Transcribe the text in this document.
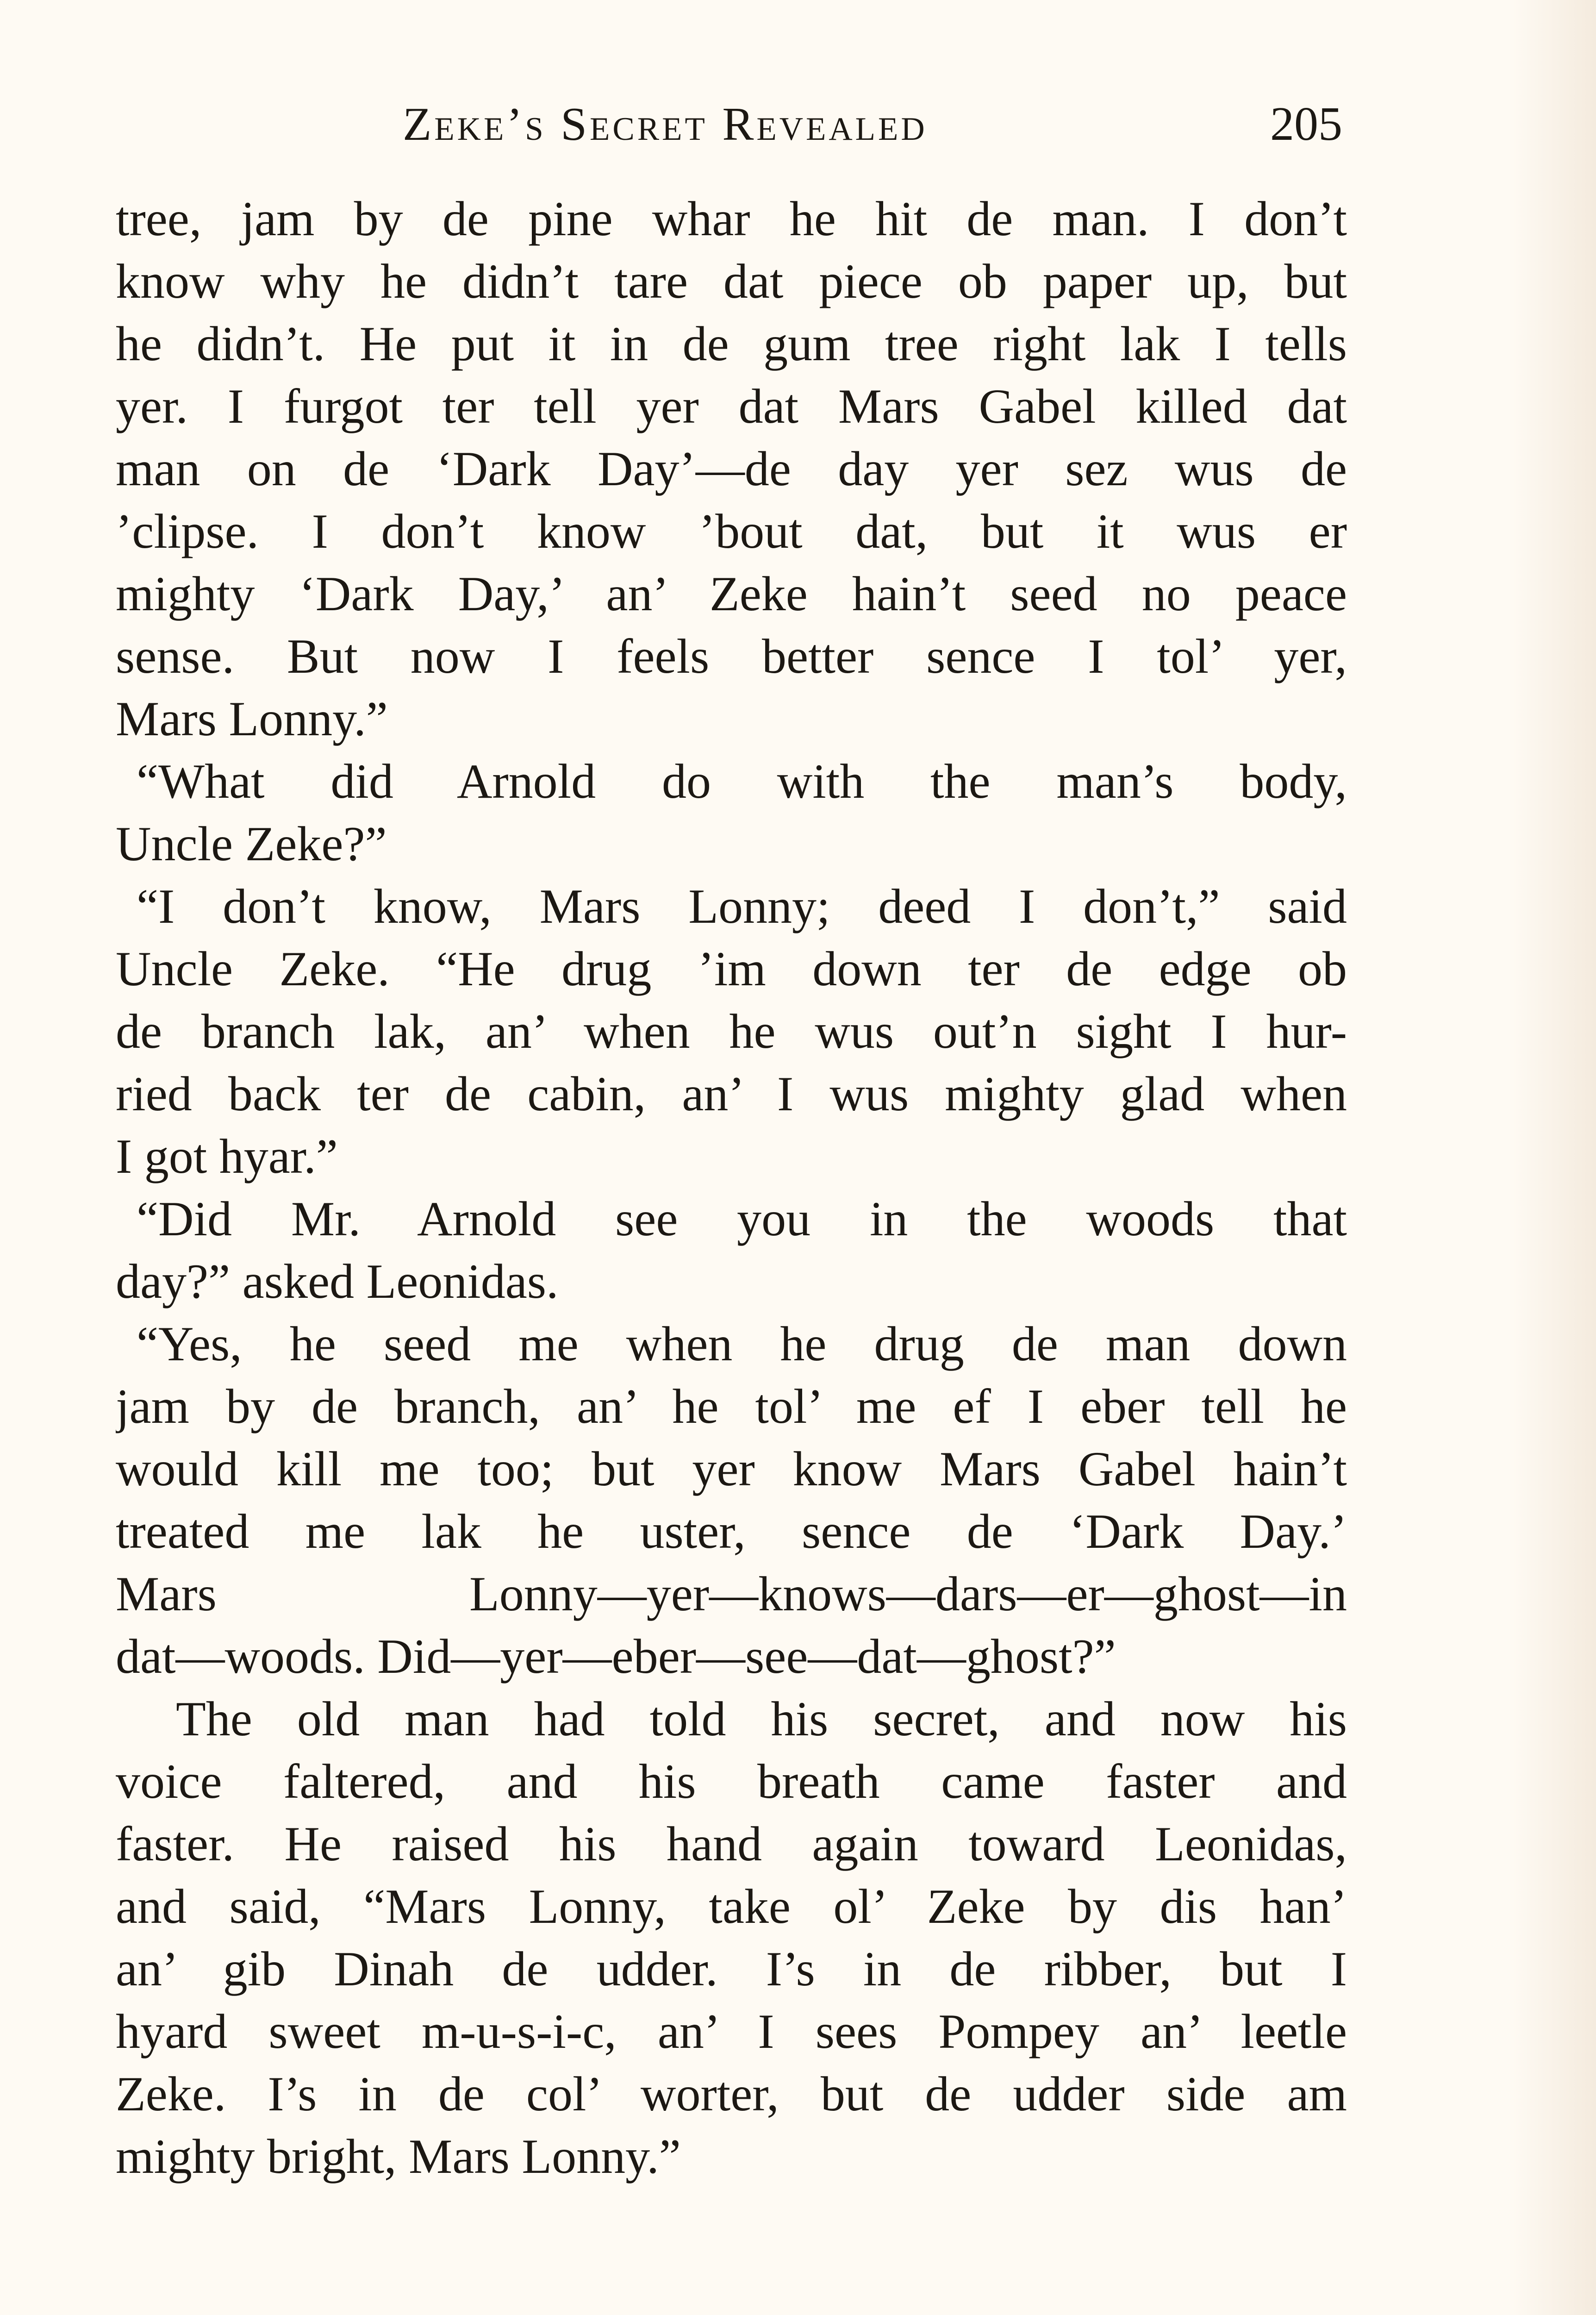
Zeke’s Secret Revealed	205
tree, jam by de pine whar he hit de man. I don’t
know why he didn’t tare dat piece ob paper up, but
he didn’t. He put it in de gum tree right lak I tells
yer. I furgot ter tell yer dat Mars Gabel killed dat
man on de ‘Dark Day’—de day yer sez wus de
’clipse. I don’t know ’bout dat, but it wus er
mighty ‘Dark Day,’ an’ Zeke hain’t seed no peace
sense. But now I feels better sence I tol’ yer,
Mars Lonny.”
“What did Arnold do with the man’s body,
Uncle Zeke?”
“I don’t know, Mars Lonny; deed I don’t,” said
Uncle Zeke. “He drug ’im down ter de edge ob
de branch lak, an’ when he wus out’n sight I hur-
ried back ter de cabin, an’ I wus mighty glad when
I got hyar.”
“Did Mr. Arnold see you in the woods that
day?” asked Leonidas.
“Yes, he seed me when he drug de man down
jam by de branch, an’ he tol’ me ef I eber tell he
would kill me too; but yer know Mars Gabel hain’t
treated me lak he uster, sence de ‘Dark Day.’
Mars Lonny—yer—knows—dars—er—ghost—in
dat—woods. Did—yer—eber—see—dat—ghost?”
The old man had told his secret, and now his
voice faltered, and his breath came faster and
faster. He raised his hand again toward Leonidas,
and said, “Mars Lonny, take ol’ Zeke by dis han’
an’ gib Dinah de udder. I’s in de ribber, but I
hyard sweet m-u-s-i-c, an’ I sees Pompey an’ leetle
Zeke. I’s in de col’ worter, but de udder side am
mighty bright, Mars Lonny.”
